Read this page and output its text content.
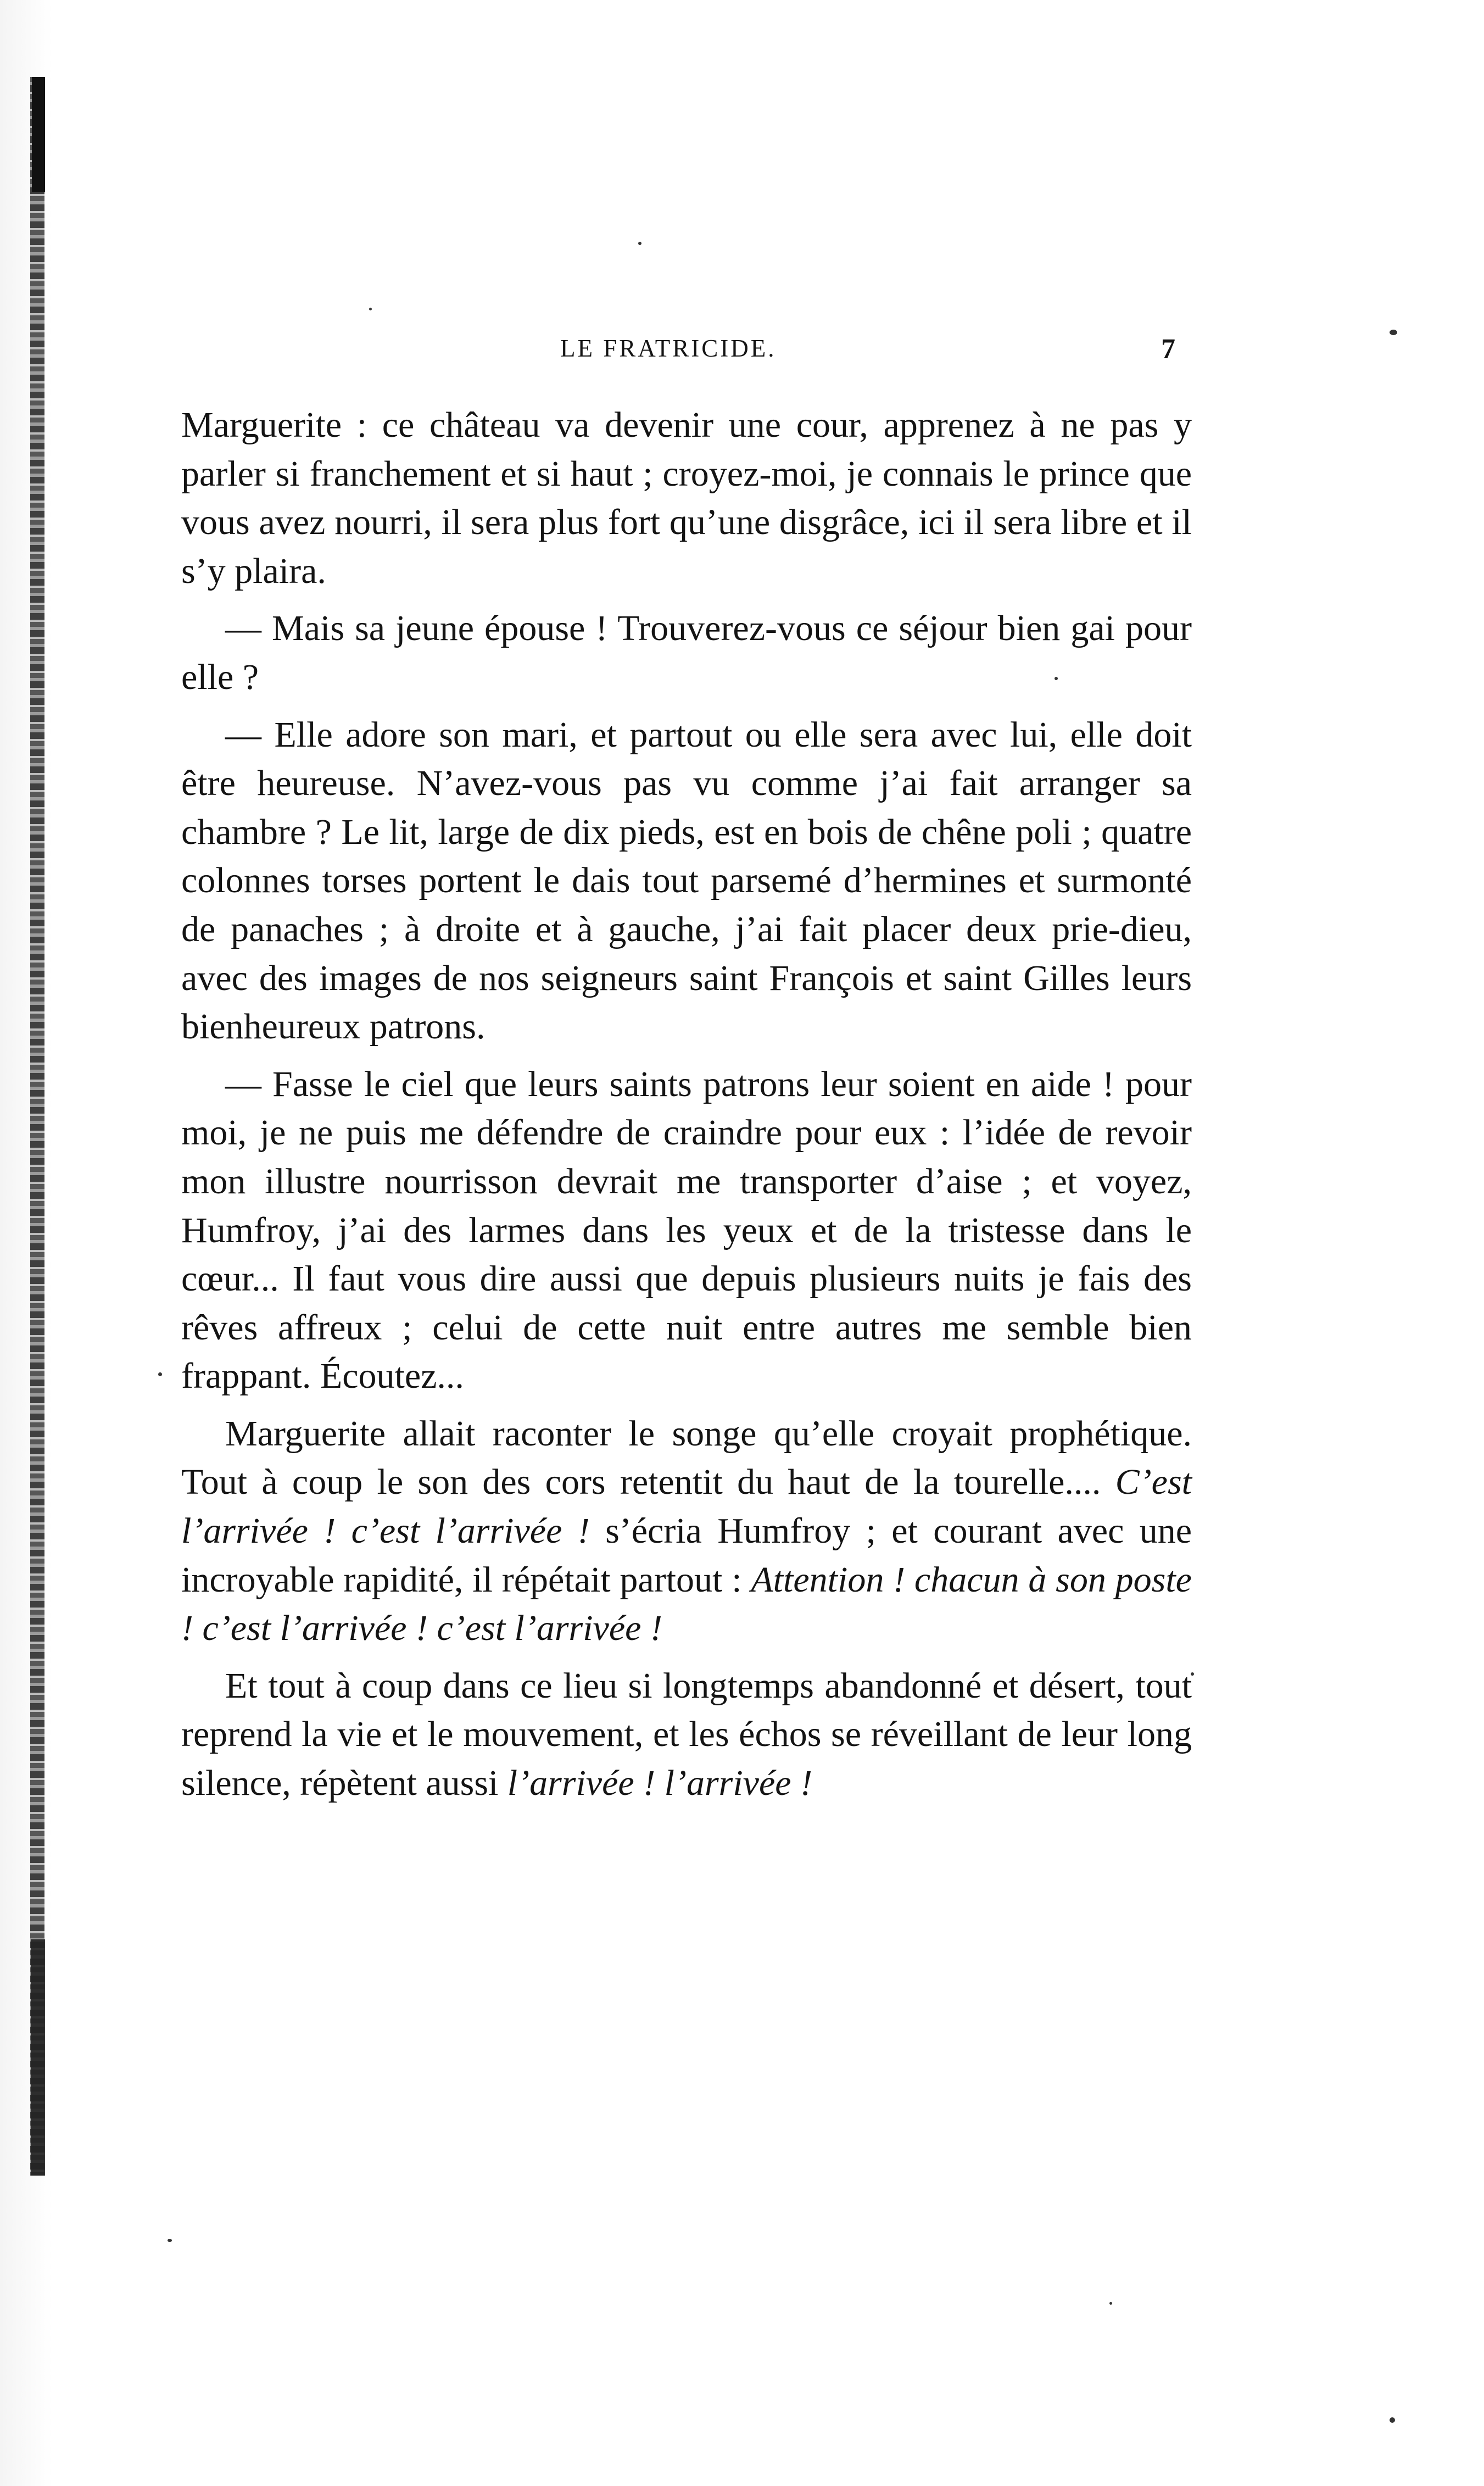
LE FRATRICIDE.	7

Marguerite : ce château va devenir une cour, apprenez à ne pas y parler si franchement et si haut ; croyez-moi, je connais le prince que vous avez nourri, il sera plus fort qu’une disgrâce, ici il sera libre et il s’y plaira.

— Mais sa jeune épouse ! Trouverez-vous ce séjour bien gai pour elle ?

— Elle adore son mari, et partout ou elle sera avec lui, elle doit être heureuse. N’avez-vous pas vu comme j’ai fait arranger sa chambre ? Le lit, large de dix pieds, est en bois de chêne poli ; quatre colonnes torses portent le dais tout parsemé d’hermines et surmonté de panaches ; à droite et à gauche, j’ai fait placer deux prie-dieu, avec des images de nos seigneurs saint François et saint Gilles leurs bienheureux patrons.

— Fasse le ciel que leurs saints patrons leur soient en aide ! pour moi, je ne puis me défendre de craindre pour eux : l’idée de revoir mon illustre nourrisson devrait me transporter d’aise ; et voyez, Humfroy, j’ai des larmes dans les yeux et de la tristesse dans le cœur... Il faut vous dire aussi que depuis plusieurs nuits je fais des rêves affreux ; celui de cette nuit entre autres me semble bien frappant. Écoutez...

Marguerite allait raconter le songe qu’elle croyait prophétique. Tout à coup le son des cors retentit du haut de la tourelle.... C’est l’arrivée ! c’est l’arrivée ! s’écria Humfroy ; et courant avec une incroyable rapidité, il répétait partout : Attention ! chacun à son poste ! c’est l’arrivée ! c’est l’arrivée !

Et tout à coup dans ce lieu si longtemps abandonné et désert, tout reprend la vie et le mouvement, et les échos se réveillant de leur long silence, répètent aussi l’arrivée ! l’arrivée !
